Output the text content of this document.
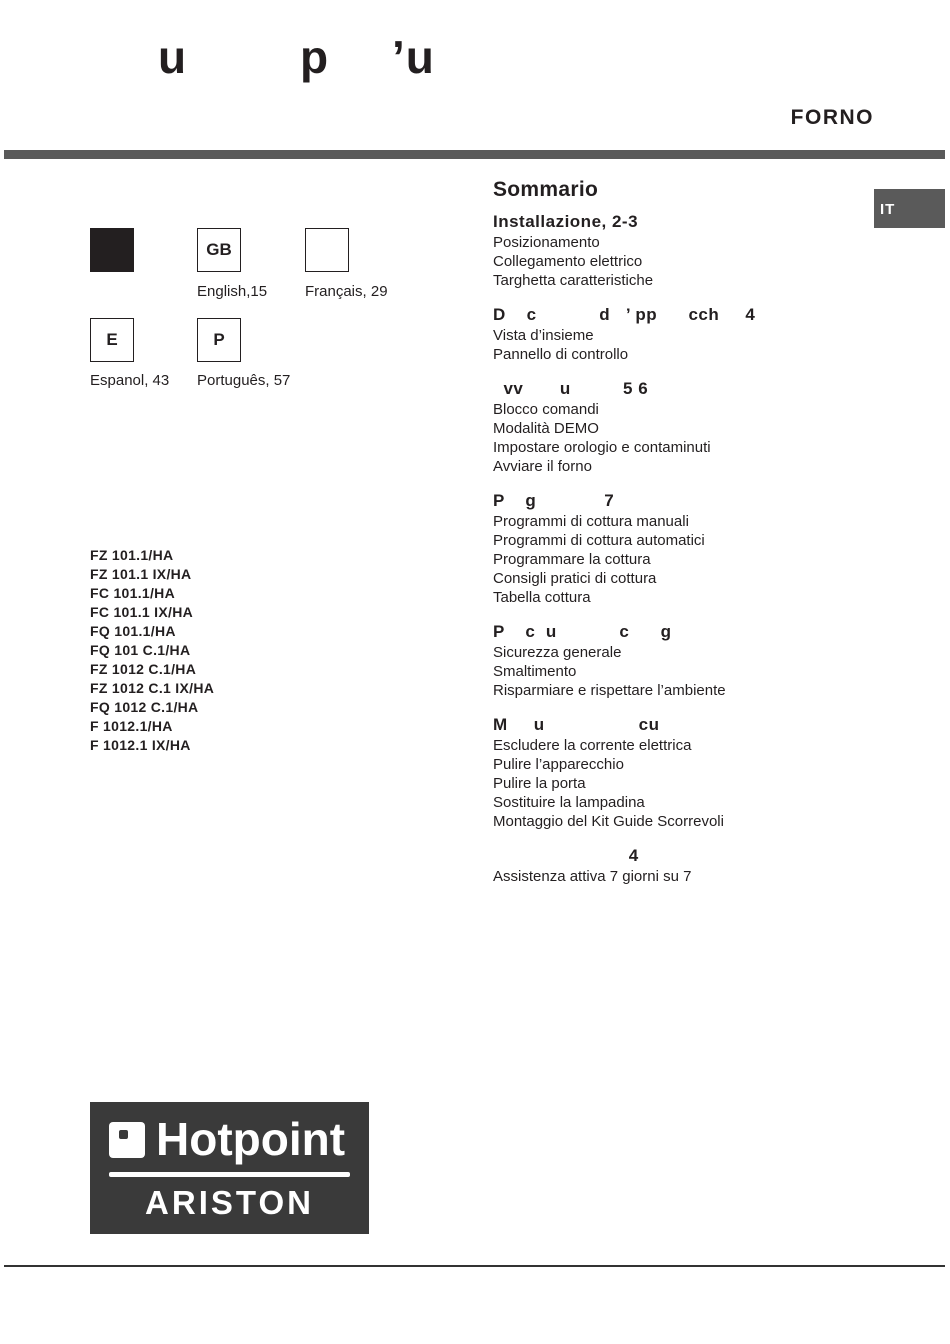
u p ’u
FORNO
IT
GB
English,15	Français, 29
E
Espanol, 43
P
Português, 57
FZ 101.1/HA
FZ 101.1 IX/HA
FC 101.1/HA
FC 101.1 IX/HA
FQ 101.1/HA
FQ 101 C.1/HA
FZ 1012 C.1/HA
FZ 1012 C.1 IX/HA
FQ 1012 C.1/HA
F 1012.1/HA
F 1012.1 IX/HA
Sommario
Installazione, 2-3
Posizionamento
Collegamento elettrico
Targhetta caratteristiche
D    c            d   ’ pp      cch     4
Vista d’insieme
Pannello di controllo
vv       u          5 6
Blocco comandi
Modalità DEMO
Impostare orologio e contaminuti
Avviare il forno
P    g             7
Programmi di cottura manuali
Programmi di cottura automatici
Programmare la cottura
Consigli pratici di cottura
Tabella cottura
P    c  u            c      g
Sicurezza generale
Smaltimento
Risparmiare e rispettare l’ambiente
M     u                  cu
Escludere la corrente elettrica
Pulire l’apparecchio
Pulire la porta
Sostituire la lampadina
Montaggio del Kit Guide Scorrevoli
4
Assistenza attiva 7 giorni su 7
Hotpoint
ARISTON
